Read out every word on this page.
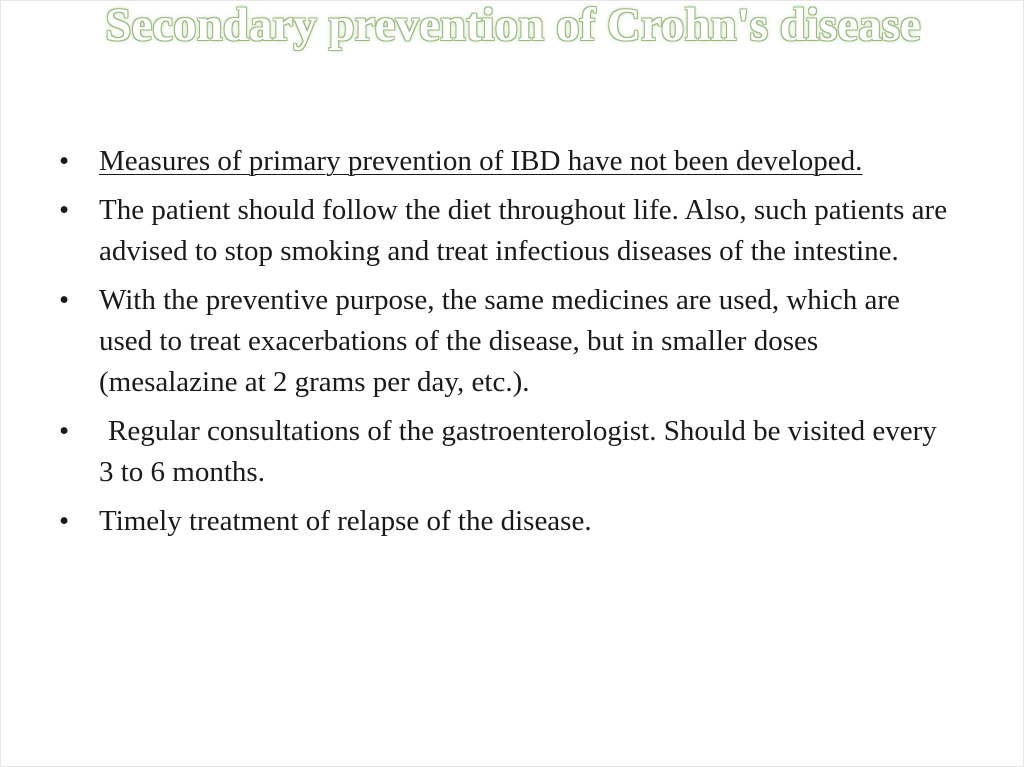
Secondary prevention of Crohn's disease
•	Measures of primary prevention of IBD have not been developed.
•	The patient should follow the diet throughout life. Also, such patients are advised to stop smoking and treat infectious diseases of the intestine.
•	With the preventive purpose, the same medicines are used, which are used to treat exacerbations of the disease, but in smaller doses (mesalazine at 2 grams per day, etc.).
•	Regular consultations of the gastroenterologist. Should be visited every 3 to 6 months.
•	Timely treatment of relapse of the disease.
